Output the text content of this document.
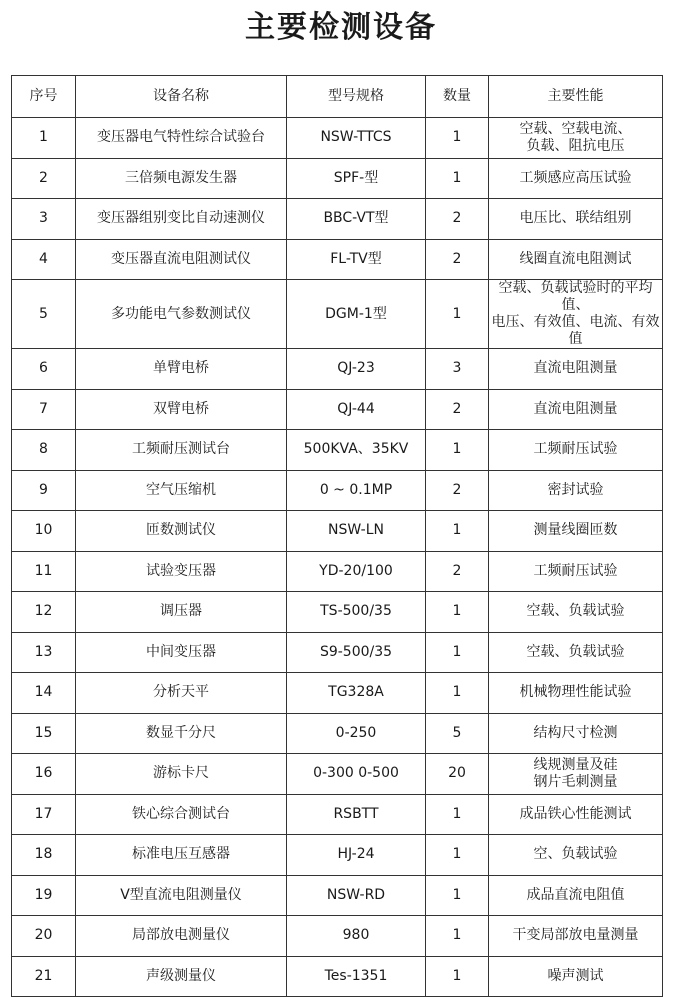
主要检测设备
序号	设备名称	型号规格	数量	主要性能
1	变压器电气特性综合试验台	NSW-TTCS	1	空载、空载电流、
负载、阻抗电压
2	三倍频电源发生器	SPF-型	1	工频感应高压试验
3	变压器组别变比自动速测仪	BBC-VT型	2	电压比、联结组别
4	变压器直流电阻测试仪	FL-TV型	2	线圈直流电阻测试
5	多功能电气参数测试仪	DGM-1型	1	空载、负载试验时的平均值、
电压、有效值、电流、有效值
6	单臂电桥	QJ-23	3	直流电阻测量
7	双臂电桥	QJ-44	2	直流电阻测量
8	工频耐压测试台	500KVA、35KV	1	工频耐压试验
9	空气压缩机	0 ~ 0.1MP	2	密封试验
10	匝数测试仪	NSW-LN	1	测量线圈匝数
11	试验变压器	YD-20/100	2	工频耐压试验
12	调压器	TS-500/35	1	空载、负载试验
13	中间变压器	S9-500/35	1	空载、负载试验
14	分析天平	TG328A	1	机械物理性能试验
15	数显千分尺	0-250	5	结构尺寸检测
16	游标卡尺	0-300 0-500	20	线规测量及硅
钢片毛刺测量
17	铁心综合测试台	RSBTT	1	成品铁心性能测试
18	标准电压互感器	HJ-24	1	空、负载试验
19	V型直流电阻测量仪	NSW-RD	1	成品直流电阻值
20	局部放电测量仪	980	1	干变局部放电量测量
21	声级测量仪	Tes-1351	1	噪声测试
